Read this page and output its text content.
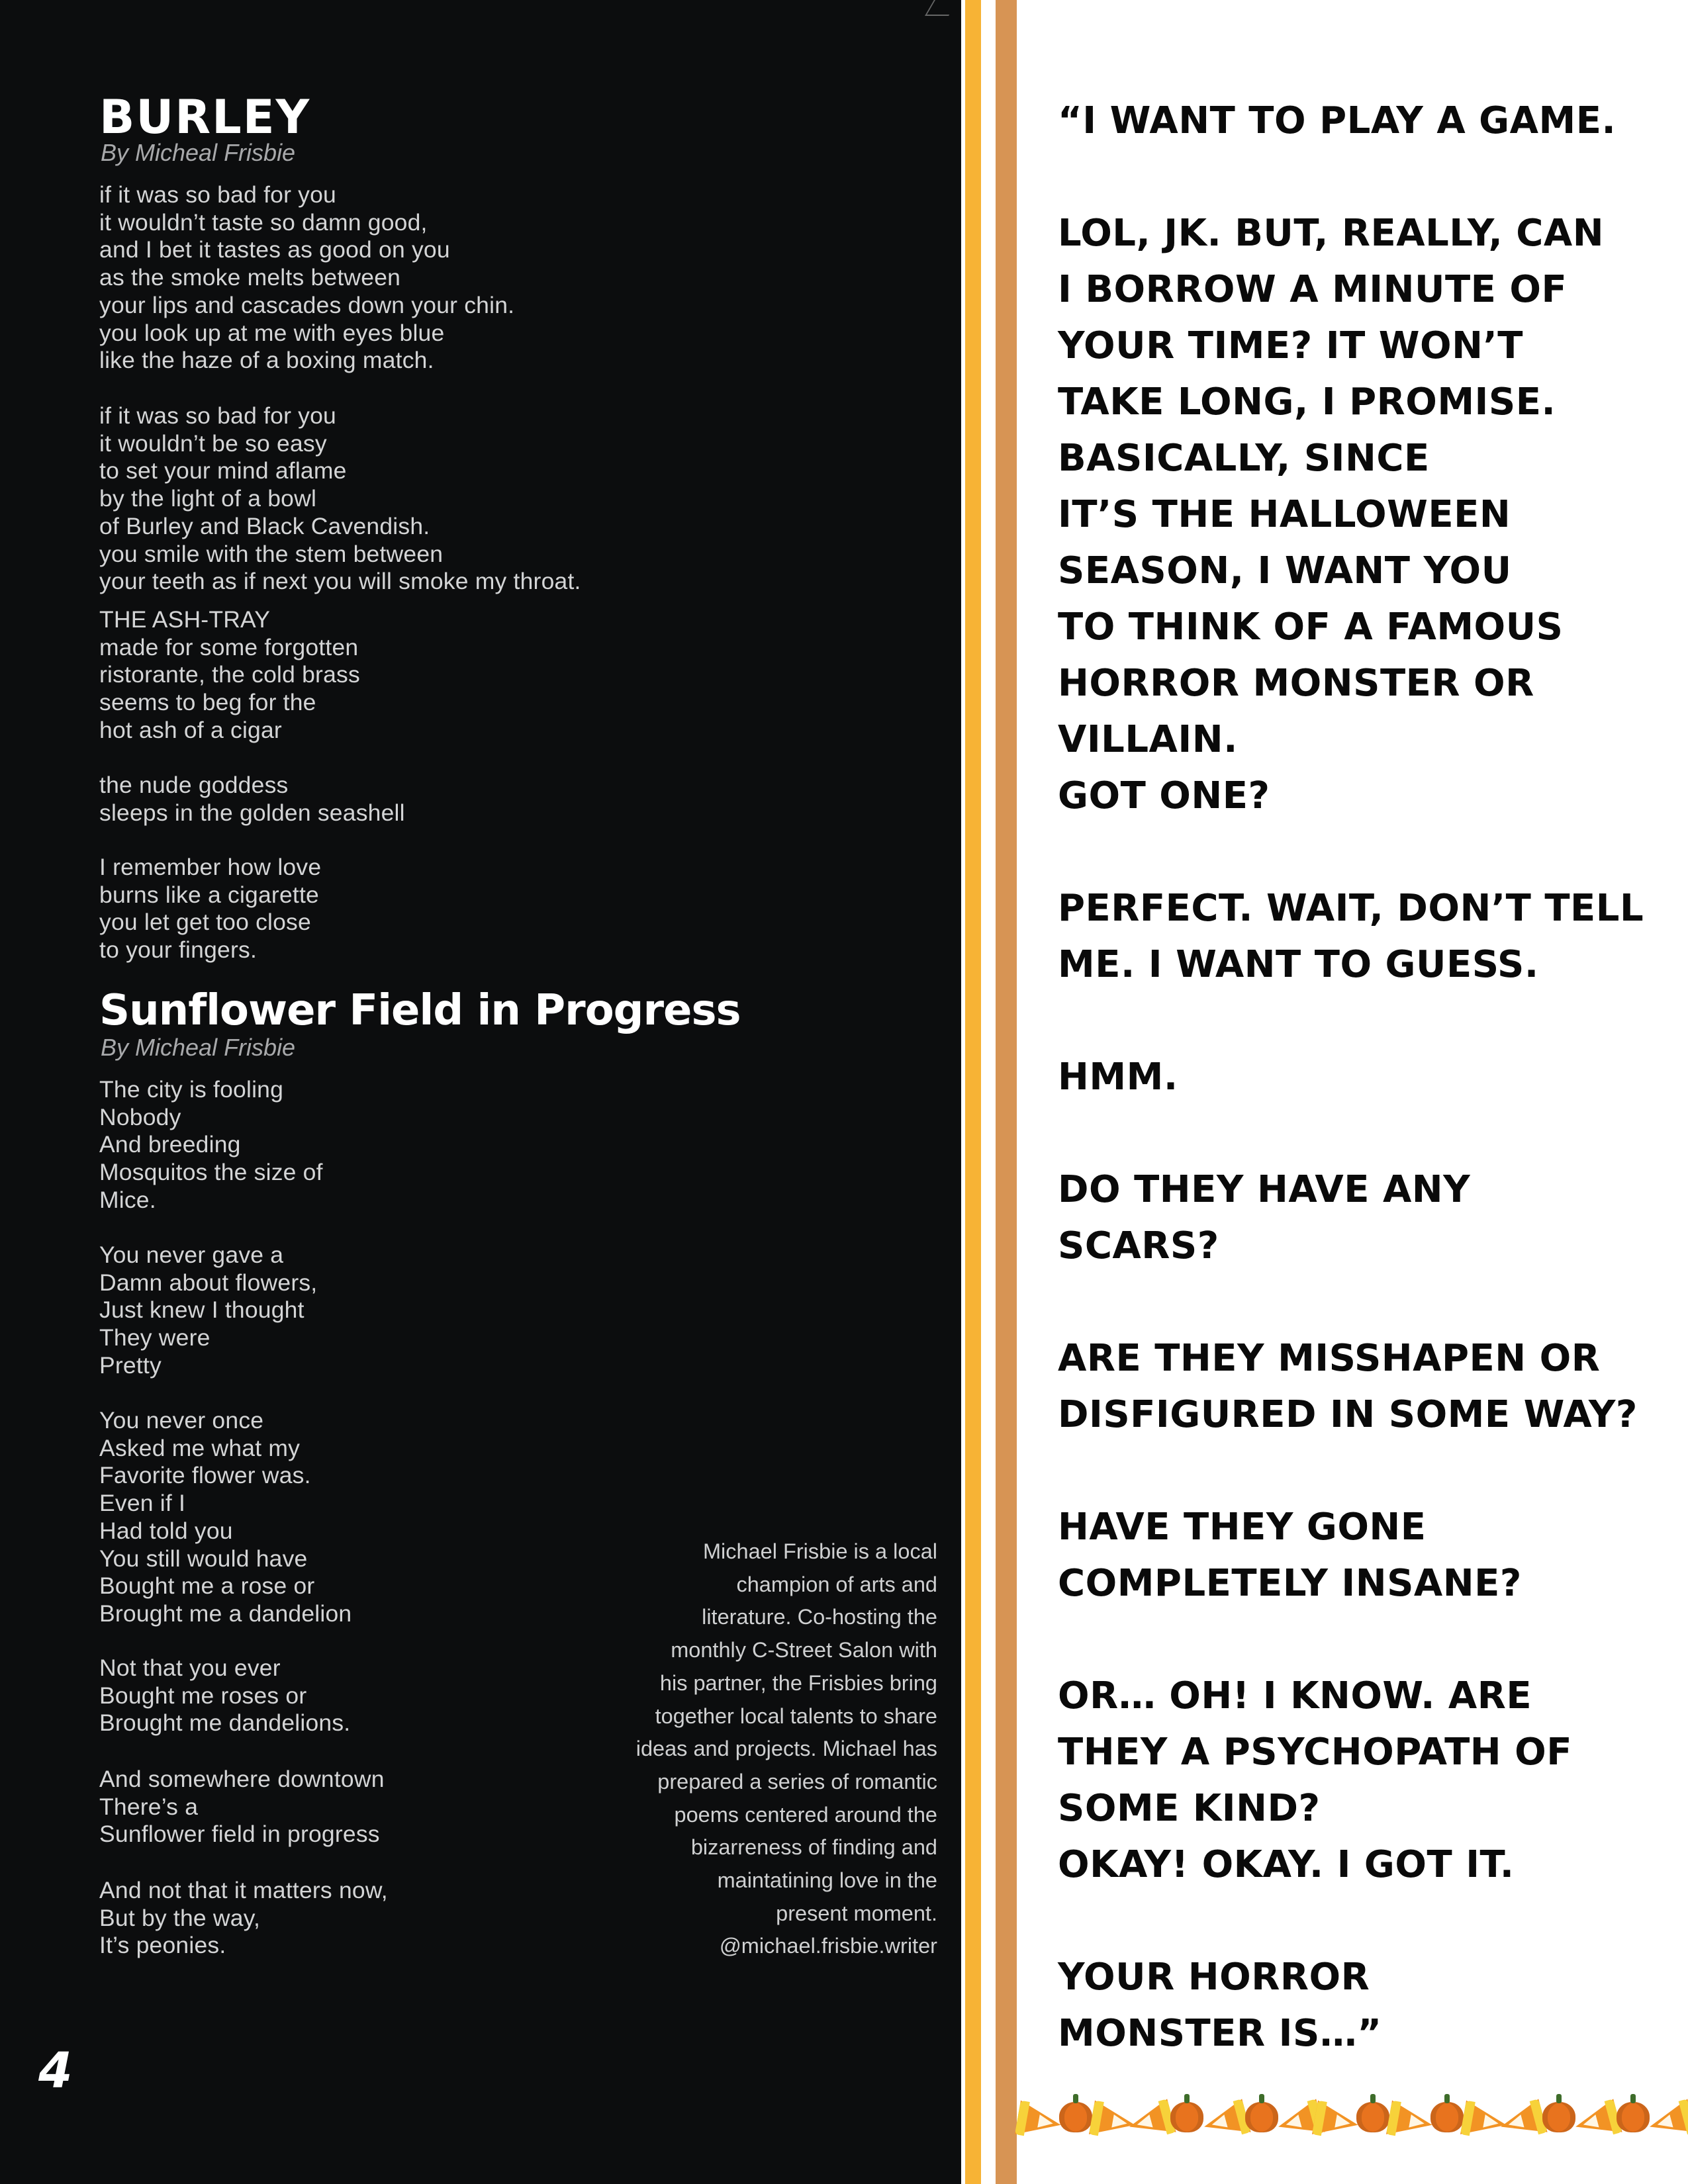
BURLEY

By Micheal Frisbie

if it was so bad for you
it wouldn’t taste so damn good,
and I bet it tastes as good on you
as the smoke melts between
your lips and cascades down your chin.
you look up at me with eyes blue
like the haze of a boxing match.

if it was so bad for you
it wouldn’t be so easy
to set your mind aflame
by the light of a bowl
of Burley and Black Cavendish.
you smile with the stem between
your teeth as if next you will smoke my throat.

THE ASH-TRAY
made for some forgotten
ristorante, the cold brass
seems to beg for the
hot ash of a cigar

the nude goddess
sleeps in the golden seashell

I remember how love
burns like a cigarette
you let get too close
to your fingers.

Sunflower Field in Progress

By Micheal Frisbie

The city is fooling
Nobody
And breeding
Mosquitos the size of
Mice.

You never gave a
Damn about flowers,
Just knew I thought
They were
Pretty

You never once
Asked me what my
Favorite flower was.
Even if I
Had told you
You still would have
Bought me a rose or
Brought me a dandelion

Not that you ever
Bought me roses or
Brought me dandelions.

And somewhere downtown
There’s a
Sunflower field in progress

And not that it matters now,
But by the way,
It’s peonies.

Michael Frisbie is a local
champion of arts and
literature. Co-hosting the
monthly C-Street Salon with
his partner, the Frisbies bring
together local talents to share
ideas and projects. Michael has
prepared a series of romantic
poems centered around the
bizarreness of finding and
maintatining love in the
present moment.
@michael.frisbie.writer

4

“I WANT TO PLAY A GAME.
LOL, JK. BUT, REALLY, CAN
I BORROW A MINUTE OF
YOUR TIME? IT WON’T
TAKE LONG, I PROMISE.
BASICALLY, SINCE
IT’S THE HALLOWEEN
SEASON, I WANT YOU
TO THINK OF A FAMOUS
HORROR MONSTER OR
VILLAIN.
GOT ONE?
PERFECT. WAIT, DON’T TELL
ME. I WANT TO GUESS.
HMM.
DO THEY HAVE ANY
SCARS?
ARE THEY MISSHAPEN OR
DISFIGURED IN SOME WAY?
HAVE THEY GONE
COMPLETELY INSANE?
OR… OH! I KNOW. ARE
THEY A PSYCHOPATH OF
SOME KIND?
OKAY! OKAY. I GOT IT.
YOUR HORROR
MONSTER IS…”
